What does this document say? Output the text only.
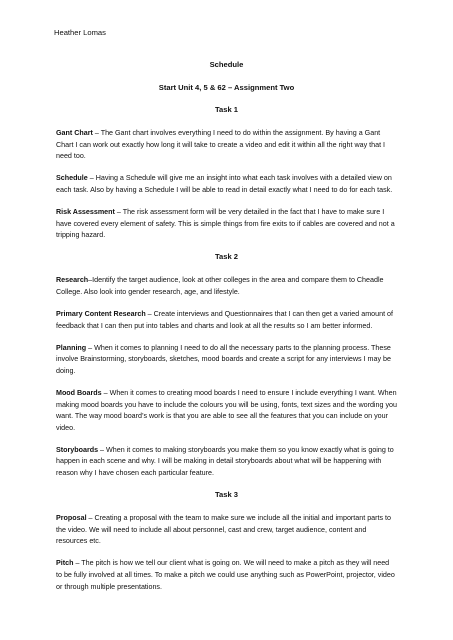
Heather Lomas
Schedule
Start Unit 4, 5 & 62 – Assignment Two
Task 1

Gant Chart – The Gant chart involves everything I need to do within the assignment. By having a Gant Chart I can work out exactly how long it will take to create a video and edit it within all the right way that I need too.

Schedule – Having a Schedule will give me an insight into what each task involves with a detailed view on each task. Also by having a Schedule I will be able to read in detail exactly what I need to do for each task.

Risk Assessment – The risk assessment form will be very detailed in the fact that I have to make sure I have covered every element of safety. This is simple things from fire exits to if cables are covered and not a tripping hazard.

Task 2

Research–Identify the target audience, look at other colleges in the area and compare them to Cheadle College. Also look into gender research, age, and lifestyle.

Primary Content Research – Create interviews and Questionnaires that I can then get a varied amount of feedback that I can then put into tables and charts and look at all the results so I am better informed.

Planning – When it comes to planning I need to do all the necessary parts to the planning process. These involve Brainstorming, storyboards, sketches, mood boards and create a script for any interviews I may be doing.

Mood Boards – When it comes to creating mood boards I need to ensure I include everything I want. When making mood boards you have to include the colours you will be using, fonts, text sizes and the wording you want. The way mood board’s work is that you are able to see all the features that you can include on your video.

Storyboards – When it comes to making storyboards you make them so you know exactly what is going to happen in each scene and why. I will be making in detail storyboards about what will be happening with reason why I have chosen each particular feature.

Task 3

Proposal – Creating a proposal with the team to make sure we include all the initial and important parts to the video. We will need to include all about personnel, cast and crew, target audience, content and resources etc.

Pitch – The pitch is how we tell our client what is going on. We will need to make a pitch as they will need to be fully involved at all times. To make a pitch we could use anything such as PowerPoint, projector, video or through multiple presentations.
